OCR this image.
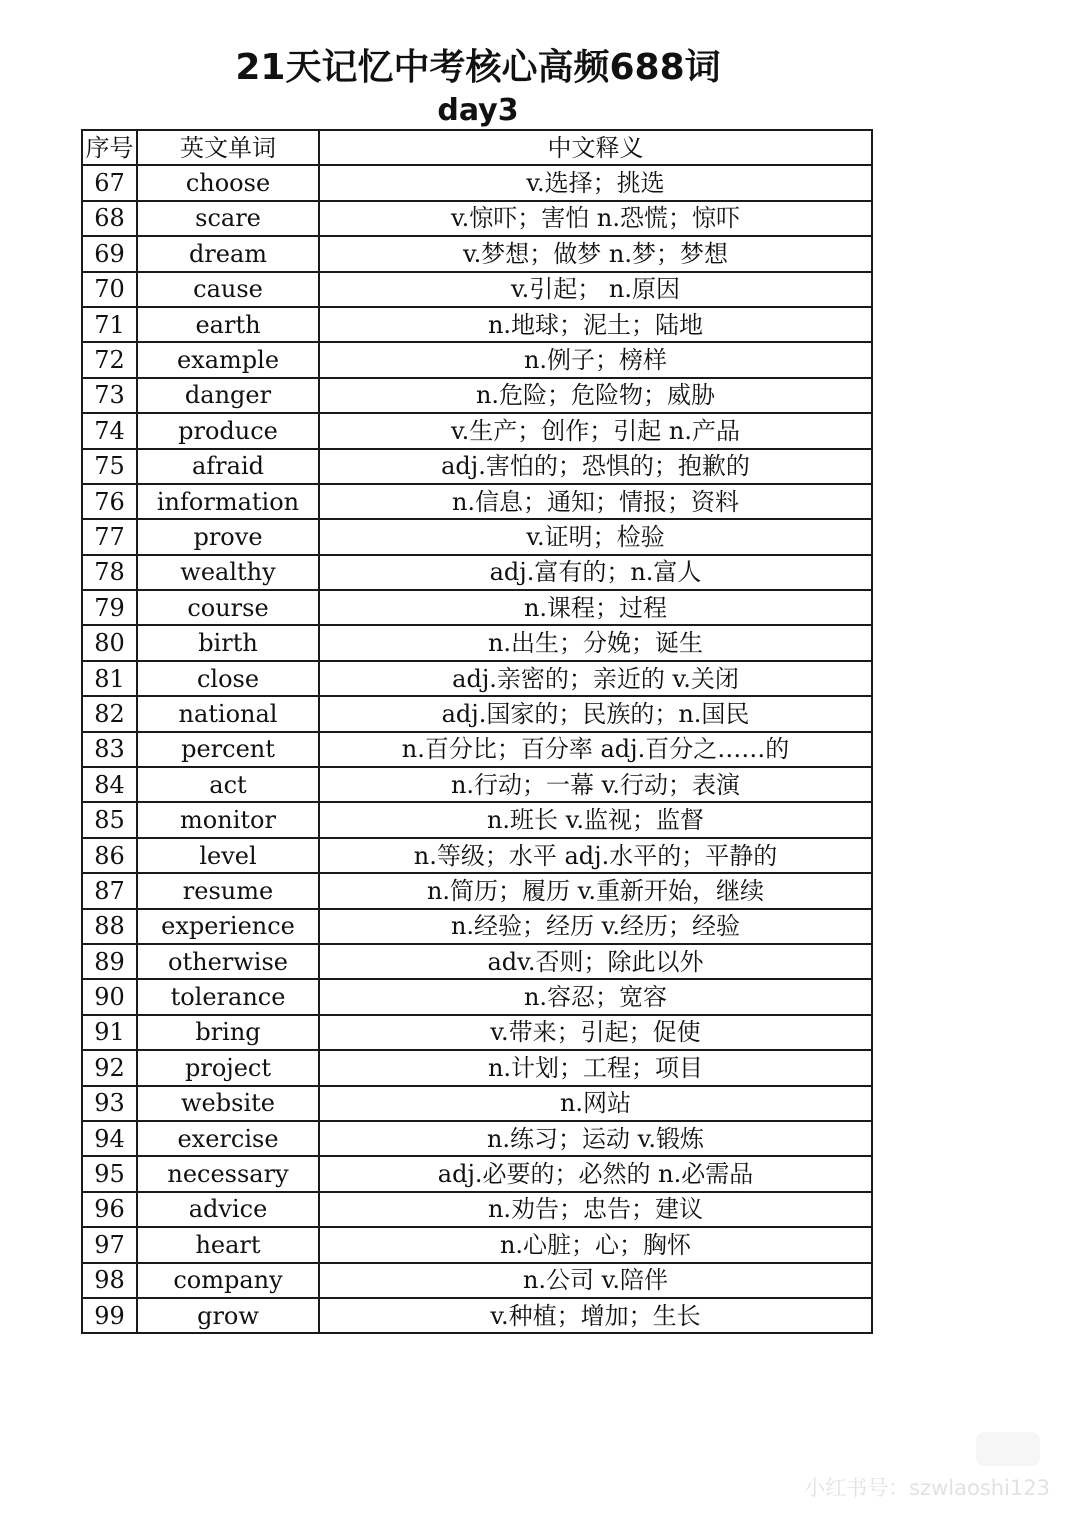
21天记忆中考核心高频688词
day3
序号	英文单词	中文释义
67	choose	v.选择；挑选
68	scare	v.惊吓；害怕 n.恐慌；惊吓
69	dream	v.梦想；做梦 n.梦；梦想
70	cause	v.引起； n.原因
71	earth	n.地球；泥土；陆地
72	example	n.例子；榜样
73	danger	n.危险；危险物；威胁
74	produce	v.生产；创作；引起 n.产品
75	afraid	adj.害怕的；恐惧的；抱歉的
76	information	n.信息；通知；情报；资料
77	prove	v.证明；检验
78	wealthy	adj.富有的；n.富人
79	course	n.课程；过程
80	birth	n.出生；分娩；诞生
81	close	adj.亲密的；亲近的 v.关闭
82	national	adj.国家的；民族的；n.国民
83	percent	n.百分比；百分率 adj.百分之……的
84	act	n.行动；一幕 v.行动；表演
85	monitor	n.班长 v.监视；监督
86	level	n.等级；水平 adj.水平的；平静的
87	resume	n.简历；履历 v.重新开始，继续
88	experience	n.经验；经历 v.经历；经验
89	otherwise	adv.否则；除此以外
90	tolerance	n.容忍；宽容
91	bring	v.带来；引起；促使
92	project	n.计划；工程；项目
93	website	n.网站
94	exercise	n.练习；运动 v.锻炼
95	necessary	adj.必要的；必然的 n.必需品
96	advice	n.劝告；忠告；建议
97	heart	n.心脏；心；胸怀
98	company	n.公司 v.陪伴
99	grow	v.种植；增加；生长
小红书号：szwlaoshi123
